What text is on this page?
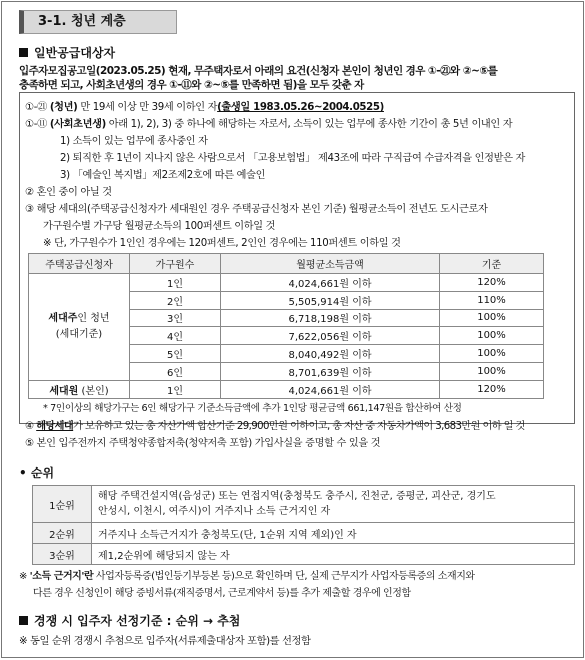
3-1. 청년 계층
일반공급대상자
입주자모집공고일(2023.05.25) 현재, 무주택자로서 아래의 요건(신청자 본인이 청년인 경우 ①-㉑와 ②~⑤를
충족하면 되고, 사회초년생의 경우 ①-⑪와 ②~⑤를 만족하면 됨)을 모두 갖춘 자
①-㉑ (청년) 만 19세 이상 만 39세 이하인 자(출생일 1983.05.26~2004.0525)
①-⑪ (사회초년생) 아래 1), 2), 3) 중 하나에 해당하는 자로서, 소득이 있는 업무에 종사한 기간이 총 5년 이내인 자
1) 소득이 있는 업무에 종사중인 자
2) 퇴직한 후 1년이 지나지 않은 사람으로서 「고용보험법」 제43조에 따라 구직급여 수급자격을 인정받은 자
3) 「예술인 복지법」제2조제2호에 따른 예술인
② 혼인 중이 아닐 것
③ 해당 세대의(주택공급신청자가 세대원인 경우 주택공급신청자 본인 기준) 월평균소득이 전년도 도시근로자
가구원수별 가구당 월평균소득의 100퍼센트 이하일 것
※ 단, 가구원수가 1인인 경우에는 120퍼센트, 2인인 경우에는 110퍼센트 이하일 것
주택공급신청자	가구원수	월평균소득금액	기준
세대주인 청년
(세대기준)	1인	4,024,661원 이하	120%
	2인	5,505,914원 이하	110%
	3인	6,718,198원 이하	100%
	4인	7,622,056원 이하	100%
	5인	8,040,492원 이하	100%
	6인	8,701,639원 이하	100%
세대원 (본인)	1인	4,024,661원 이하	120%
* 7인이상의 해당가구는 6인 해당가구 기준소득금액에 추가 1인당 평균금액 661,147원을 합산하여 산정
④ 해당세대가 보유하고 있는 총 자산가액 합산기준 29,900만원 이하이고, 총 자산 중 자동차가액이 3,683만원 이하 일 것
⑤ 본인 입주전까지 주택청약종합저축(청약저축 포함) 가입사실을 증명할 수 있을 것
• 순위
1순위	해당 주택건설지역(음성군) 또는 연접지역(충청북도 충주시, 진천군, 증평군, 괴산군, 경기도
안성시, 이천시, 여주시)이 거주지나 소득 근거지인 자

2순위	거주지나 소득근거지가 충청북도(단, 1순위 지역 제외)인 자
3순위	제1,2순위에 해당되지 않는 자
※ '소득 근거지'란 사업자등록증(법인등기부등본 등)으로 확인하며 단, 실제 근무지가 사업자등록증의 소재지와
다른 경우 신청인이 해당 증빙서류(재직증명서, 근로계약서 등)를 추가 제출할 경우에 인정함
경쟁 시 입주자 선정기준 : 순위 → 추첨
※ 동일 순위 경쟁시 추첨으로 입주자(서류제출대상자 포함)를 선정함
